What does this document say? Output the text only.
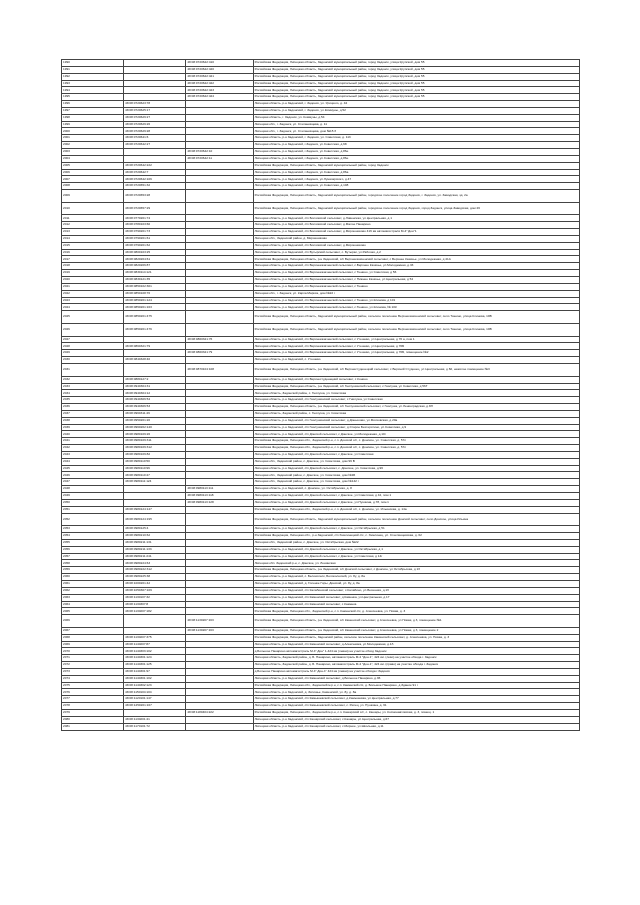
1990		48:08:0720622:410	Российская Федерация, Липецкая область, Задонский муниципальный район, город Задонск, улица Крупской, дом 55
1991		48:08:0720622:420	Российская Федерация, Липецкая область, Задонский муниципальный район, город Задонск, улица Крупской, дом 55
1992		48:08:0720622:421	Российская Федерация, Липецкая область, Задонский муниципальный район, город Задонск, улица Крупской, дом 55
1993		48:08:0720622:422	Российская Федерация, Липецкая область, Задонский муниципальный район, город Задонск, улица Крупской, дом 55
1994		48:08:0720622:423	Российская Федерация, Липецкая область, Задонский муниципальный район, город Задонск, улица Крупской, дом 55
1995		48:08:0720622:424	Российская Федерация, Липецкая область, Задонский муниципальный район, город Задонск, улица Крупской, дом 55
1996	48:08:0720623:78		Липецкая область, р-н Задонский, г. Задонск, ул. Урицкого, д. 42
1997	48:08:0720625:17		Липецкая область, р-н Задонский, г. Задонск, ул.Коммуны, д.52
1998	48:08:0720629:27		Липецкая область, г. Задонск, ул. Коммуны, д.54
1999	48:08:0720629:26		Липецкая обл., г. Задонск, ул. Степановцева, д. 11
2000	48:08:0720629:28		Липецкая обл., г. Задонск, ул. Степановцева, дом №15 б
2001	48:08:0720641:6		Липецкая область, р-н Задонский, г. Задонск, ул. Советская, д. 113
2002	48:08:0720642:27		Липецкая область, р-н Задонский, г.Задонск, ул.Советская, д.68
2003		48:08:0720642:10	Липецкая область, р-н Задонский, г.Задонск, ул.Советская, д.86е
2004		48:08:0720642:11	Липецкая область, р-н Задонский, г.Задонск, ул.Советская, д.86е
2005	48:08:0720642:222		Российская Федерация, Липецкая область, Задонский муниципальный район, город Задонск
2006	48:08:0720642:7		Липецкая область, р-н Задонский, г.Задонск, ул.Советская, д.86а
2007	48:08:0720642:106		Липецкая область, р-н Задонский, г.Задонск, ул.Луначарского, д.47
2008	48:08:0720651:32		Липецкая область, р-н Задонский, г.Задонск, ул.Советская, д.108
2009	48:08:0720653:28		Российская Федерация, Липецкая область, Задонский муниципальный район, городское поселение город Задонск, г. Задонск, ул. Заводская, зд. 2а
2010	48:08:0720657:29		Российская Федерация, Липецкая область, Задонский муниципальный район, городское поселение город Задонск, город Задонск, улица Заводская, дом 26
2011	48:08:0770201:74		Липецкая область, р-н Задонский, с/п Болховской сельсовет, д.Ливенская, ул.Центральная, д.1
2012	48:08:0780103:60		Липецкая область, р-н Задонский, с/п Болховской сельсовет, д.Малое Панарино
2013	48:08:0790201:73		Липецкая область, р-н Задонский, с/п Болховской сельсовет, д.Мирошниково 416 км автомагистраля М-4" Дон"1
2014	48:08:0790201:61		Липецкая обл., Задонский район, д. Мирошниково
2015	48:08:0790201:62		Липецкая область, р-н Задонский, с/п Болховской сельсовет, д.Мирошниково
2016	48:08:0800103:25		Липецкая область, р-н Задонский, с/п Бутырский сельсовет, с. Бутырки, ул.Рабочая, д.2
2017	48:08:0820204:61		Российская Федерация, Липецкая область, р-н Задонский, с/п Верхнеказаченский сельсовет, с Верхнее Казачье, ул Молодежная, д 41А
2018	48:08:0820206:87		Липецкая область, р-н Задонский, с/п Верхнеказаченский сельсовет, с.Верхнее Казачье, ул.Молодежная, д.33
2019	48:08:0830114:121		Липецкая область, р-н Задонский, с/п Верхнеказаченский сельсовет, с Тюнино, ул Советская, д 56
2020	48:08:0830121:35		Липецкая область, р-н Задонский, с/п Верхнеказаченский сельсовет, с Нижнее Казачье, ул Центральная, д 54
2021	48:08:0850102:301		Липецкая область, р-н Задонский, с/п Верхнеказаченский сельсовет, с Тюнино
2022	48:08:0850108:76		Липецкая обл., г. Задонск, ул. Карла Маркса, дом №22 г
2023	48:08:0850201:124		Липецкая область, р-н Задонский, с/п Верхнеказаченский сельсовет, с Тюнино, ул.Клинова, д 101
2024	48:08:0850201:163		Липецкая область, р-н Задонский, с/п Верхнеказаченский сельсовет, с.Тюнино, ул.Клинова, № 10К
2025	48:08:0850201:475		Российская Федерация, Липецкая область, Задонский муниципальный район, сельское поселение Верхнеказаченский сельсовет, село Тюнино, улица Клинова, 10В
2026	48:08:0850201:476		Российская Федерация, Липецкая область, Задонский муниципальный район, сельское поселение Верхнеказаченский сельсовет, село Тюнино, улица Клинова, 10В
2027		48:08:0860321:76	Липецкая область, р-н Задонский, с/п Верхнеказаченский сельсовет, с Утешево, ул Центральная, д 70 а, пом 1
2028	48:08:0860321:79		Липецкая область, р-н Задонский, с/п Верхнеказаченский сельсовет, с Утешево, ул Центральная, д 70Б
2029		48:08:0860321:79	Липецкая область, р-н Задонский, с/п Верхнеказаченский сельсовет, с Утешево, ул Центральная, д 70Б, помещение №2
2030	48:08:0840328:40		Липецкая область, р-н Задонский, с. Утешево
2031		48:08:0870104:108	Российская Федерация, Липецкая область, р-н Задонский, с/п Верхнестуденецкий сельсовет, с Верхний Студенец, ул Центральная, д 82, нежилое помещение №3
2032	48:08:0880127:2		Липецкая область, р-н Задонский, с/п Верхнестуденецкий сельсовет, с Конино
2033	48:08:0940304:31		Российская Федерация, Липецкая область, р-н Задонский, с/п Гнилушинский сельсовет, с Гнилуша, ул Советская, д 56Г
2034	48:08:0940304:12		Липецкая область, Задонский район, с. Гнилуша, ул. Советская
2035	48:08:0940306:54		Липецкая область, р-н Задонский, с/п Гнилушинский сельсовет, с Гнилуша, ул Советская
2036	48:08:0940306:53		Российская Федерация, Липецкая область, р-н Задонский, с/п Гнилушинский сельсовет, с Гнилуша, ул.Ленинградская, д.8Л
2037	48:08:0960311:49		Липецкая область, Задонский район, с. Гнилуша, ул. Советская
2038	48:08:0950201:20		Липецкая область, р-н Задонский, с/п Гнилушинский сельсовет, д.Донышово, ул.Московская, д.20а
2039	48:08:0960202:140		Липецкая область, р-н Задонский, с/п Гнилушинский сельсовет, д.Старое Бехтерятино, ул.Советская, д.9
2040	48:08:0980109:26		Липецкая область, р-н Задонский, с/п Донской сельсовет, с Донское, ул.Молодежная, д.10г
2041	48:08:0980109:311		Российская Федерация, Липецкая обл., Задонский р-н, с.п. Донской с/с, с. Донское, ул. Советская, д. 57л
2042	48:08:0980109:312		Российская Федерация, Липецкая обл., Задонский р-н, с.п. Донской с/с, с. Донское, ул. Советская, д. 57л
2043	48:08:0980109:82		Липецкая область, р-н Задонский, с/п Донской сельсовет, с Донское, ул Советская
2044	48:08:0980110:50		Липецкая обл., Задонский район, с. Донское, ул. Советская, дом 99 В
2045	48:08:0980110:96		Липецкая область, р-н Задонский, с/п Донской сельсовет, с. Донское, ул. Советская, д.96
2046	48:08:0980110:47		Липецкая обл., Задонский район, с. Донское, ул. Советская, дом №96
2047	48:08:0980111:124		Липецкая обл., Задонский район, с. Донское, ул. Советская, дом №142 г
2048		48:08:0980113:111	Липецкая область, р-н Задонский, с. Донское, ул. Октябрьская, д. 8
2049		48:08:0980113:118	Липецкая область, р-н Задонский, с/п Донской сельсовет, с Донское, ул Советская, д 42, пом 1
2050		48:08:0980113:128	Липецкая область, р-н Задонский, с/п Донской сельсовет, с Донское, ул.Пушкина, д.78, пом.1
2051	48:08:0980124:147		Российская Федерация, Липецкая обл., Задонский р-н, с.п. Донской с/с, с. Донское, ул. Ильинская, д. 14а
2052	48:08:0980124:195		Российская Федерация, Липецкая область, Задонский муниципальный район, сельское поселение Донской сельсовет, село Донское, улица Ильина
2053	48:08:0980125:4		Липецкая область, р-н Задонский, с/п Донской сельсовет, с Донское, ул Октябрьская, д 51
2054	48:08:0980210:62		Российская Федерация, Липецкая обл., р-н Задонский, с/п Хмелинецкий с/с, с. Хмелинец, ул. Стеклянцевская, д. 62
2055	48:08:0980211:131		Липецкая обл., Задонский район, с. Донское, ул. Октябрьская, дом №22
2056	48:08:0980211:133		Липецкая область, р-н Задонский, с/п Донской сельсовет, с Донское, ул Октябрьская, д 1
2057	48:08:0980211:241		Липецкая область, р-н Задонский, с/п Донской сельсовет, с Донское, ул Советская, д 14г
2058	48:08:0980224:63		Липецкая обл. Задонский р-н, с. Донское, ул. Ленинская
2059	48:08:0980222:312		Российская Федерация, Липецкая область, р-н Задонский, с/п Донской сельсовет, с Донское, ул Октябрьская, д 1б
2060	48:08:0980225:38		Липецкая область, р-н Задонский, с. Белоколеск, Белоколеский, ул. 8у, д. 8а
2061	48:08:1000201:42		Липецкая область, р-н Задонский, д. Голенке Горы, Донской, ул. 8у, д. 8а
2062	48:08:1050307:109		Липецкая область, р-н Задонский, с/п Калабинский сельсовет, с.Калабино, ул.Весенняя, д.1б
2063	48:08:1130107:32		Липецкая область, р-н Задонский, с/п Каменский сельсовет, д.Каменка, ул.Центральная, д.17
2064	48:08:1130307:8		Липецкая область, р-н Задонский, с/п Каменский сельсовет, с Каменка
2065	48:08:1130207:182		Российская Федерация, Липецкая обл., Задонский р-н, с.п. Каменский с/с, д. Алексеевка, ул. Новая, д. 3
2066		48:08:1130207:163	Российская Федерация, Липецкая область, р-н Задонский, с/п Каменский сельсовет, д Алексеевка, ул Новая, д 3, помещение №1
2067		48:08:1130207:163	Российская Федерация, Липецкая область, р-н Задонский, с/п Каменский сельсовет, д Алексеевка, ул Новая, д 3, помещение 2
2068	48:08:1130207:375		Российская Федерация, Липецкая область, Задонский район, сельское поселение Каменский сельсовет, д. Алексеевка, ул. Новая, д. 3
2069	48:08:1140207:87		Липецкая область, р-н Задонский, с/п Каменский сельсовет, д.Алексеевка, ул.Молодежная, д.1б
2070	48:08:1140303:102		д.Большое Панарино автомагистраль М-4" Дон" 1-424 км (левая) на участке обход Задонск
2071	48:08:1140301:124		Липецкая область, Задонский район, д. Б. Панарино, автомагистраль М-4 "Дон-1", 424 км. (лево) на участке обхода г. Задонск
2072	48:08:1140301:125		Липецкая область, Задонский район, д. Б. Панарино, автомагистраль М-4 "Дон-1", 424 км. (право) на участке обхода г. Задонск
2073	48:08:1140301:97		д.Большое Панарино автомагистраль М-4" Дон-1" 424 км (левая) на участке обхода г.Задонск
2074	48:08:1140301:102		Липецкая область, р-н Задонский, с/п Каменский сельсовет, д.Большое Панарино, д.96
2075	48:08:1140302:123		Российская Федерация, Липецкая обл., Задонский м.р.н, с.п. Каменский с/с, д. Большое Панарино, д.Здание 91 г
2076	48:08:1150104:104		Липецкая область, р-н Задонский, д. Затишье, Каменский, ул. 8у, д. 8а
2077	48:08:1120101:147		Липецкая область, р-н Задонский, с/п Камышевский сельсовет, д.Камышевка, ул.Центральная, д.77
2078	48:08:1250201:167		Липецкая область, р-н Задонский, с/п Камышевский сельсовет, с. Репец, ул. Пушкина, д. 61
2079		48:08:1180404:222	Российская Федерация, Липецкая обл., Задонский м.р-н, с.п. Кашарский с/с, с. Кашары, ул. Космонавтовская, д. 3, помещ. 1
2080	48:08:1130201:41		Липецкая область, р-н Задонский, с/п Кашарский сельсовет, с.Кашары, ул.Центральная, д.67
2081	48:08:1170101:72		Липецкая область, р-н Задонский, с/п Кашарский сельсовет, с.Мирное, ул.Школьная, д.11
